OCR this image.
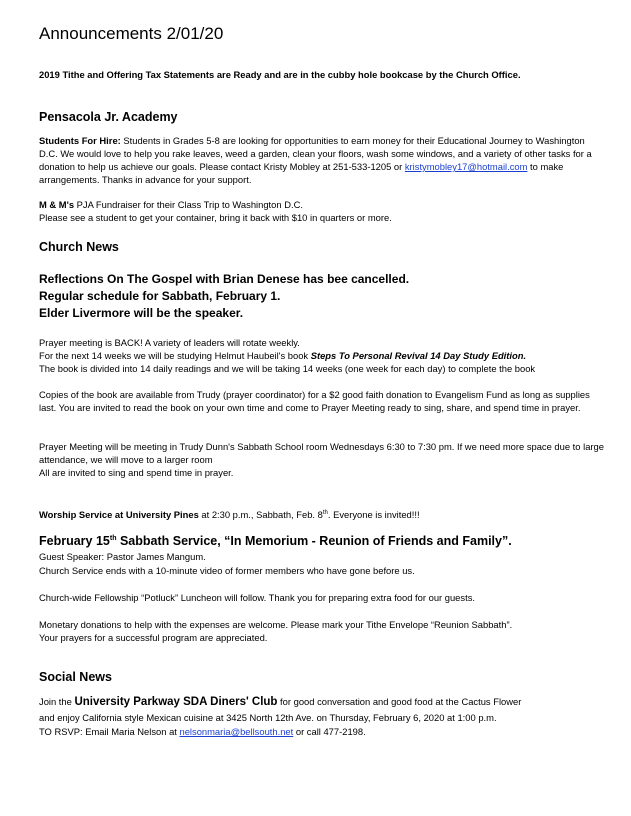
Announcements 2/01/20
2019 Tithe and Offering Tax Statements are Ready and are in the cubby hole bookcase by the Church Office.
Pensacola Jr. Academy
Students For Hire: Students in Grades 5-8 are looking for opportunities to earn money for their Educational Journey to Washington D.C. We would love to help you rake leaves, weed a garden, clean your floors, wash some windows, and a variety of other tasks for a donation to help us achieve our goals. Please contact Kristy Mobley at 251-533-1205 or kristymobley17@hotmail.com to make arrangements. Thanks in advance for your support.
M & M's PJA Fundraiser for their Class Trip to Washington D.C.
Please see a student to get your container, bring it back with $10 in quarters or more.
Church News
Reflections On The Gospel with Brian Denese has bee cancelled.
Regular schedule for Sabbath, February 1.
Elder Livermore will be the speaker.
Prayer meeting is BACK! A variety of leaders will rotate weekly.
For the next 14 weeks we will be studying Helmut Haubeil's book Steps To Personal Revival 14 Day Study Edition.
The book is divided into 14 daily readings and we will be taking 14 weeks (one week for each day) to complete the book
Copies of the book are available from Trudy (prayer coordinator) for a $2 good faith donation to Evangelism Fund as long as supplies last. You are invited to read the book on your own time and come to Prayer Meeting ready to sing, share, and spend time in prayer.
Prayer Meeting will be meeting in Trudy Dunn's Sabbath School room Wednesdays 6:30 to 7:30 pm. If we need more space due to large attendance, we will move to a larger room
All are invited to sing and spend time in prayer.
Worship Service at University Pines at 2:30 p.m., Sabbath, Feb. 8th. Everyone is invited!!!
February 15th Sabbath Service, “In Memorium - Reunion of Friends and Family”.
Guest Speaker: Pastor James Mangum.
Church Service ends with a 10-minute video of former members who have gone before us.
Church-wide Fellowship “Potluck” Luncheon will follow. Thank you for preparing extra food for our guests.
Monetary donations to help with the expenses are welcome. Please mark your Tithe Envelope “Reunion Sabbath”.
Your prayers for a successful program are appreciated.
Social News
Join the University Parkway SDA Diners' Club for good conversation and good food at the Cactus Flower
and enjoy California style Mexican cuisine at 3425 North 12th Ave. on Thursday, February 6, 2020 at 1:00 p.m.
TO RSVP: Email Maria Nelson at nelsonmaria@bellsouth.net or call 477-2198.
